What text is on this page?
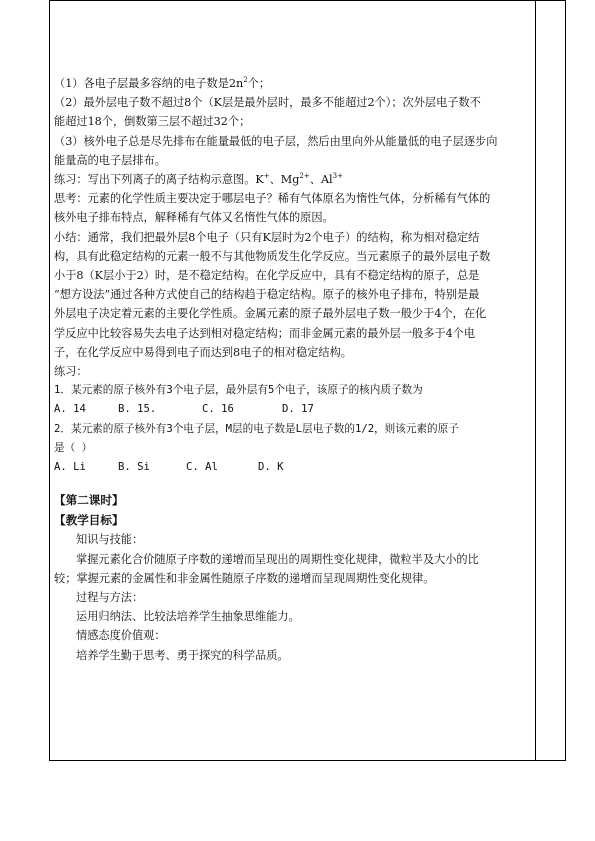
（1）各电子层最多容纳的电子数是$2n^2$个；
（2）最外层电子数不超过8个（K层是最外层时，最多不能超过2个）；次外层电子数不
能超过18个，倒数第三层不超过32个；
（3）核外电子总是尽先排布在能量最低的电子层，然后由里向外从能量低的电子层逐步向
能量高的电子层排布。
练习：写出下列离子的离子结构示意图。K+、$Mg^{2+}$、$Al^{3+}$
思考：元素的化学性质主要决定于哪层电子？稀有气体原名为惰性气体，分析稀有气体的
核外电子排布特点，解释稀有气体又名惰性气体的原因。
小结：通常，我们把最外层8个电子（只有K层时为2个电子）的结构，称为相对稳定结
构，具有此稳定结构的元素一般不与其他物质发生化学反应。当元素原子的最外层电子数
小于8（K层小于2）时，是不稳定结构。在化学反应中，具有不稳定结构的原子，总是
“想方设法”通过各种方式使自己的结构趋于稳定结构。原子的核外电子排布，特别是最
外层电子决定着元素的主要化学性质。金属元素的原子最外层电子数一般少于4个，在化
学反应中比较容易失去电子达到相对稳定结构；而非金属元素的最外层一般多于4个电
子，在化学反应中易得到电子而达到8电子的相对稳定结构。
练习：
1．某元素的原子核外有3个电子层，最外层有5个电子，该原子的核内质子数为
A. 14	B. 15.	C. 16	D. 17
2．某元素的原子核外有3个电子层，M层的电子数是L层电子数的1/2，则该元素的原子
是（ ）
A. Li	B. Si	C. Al	D. K
【第二课时】
【教学目标】
知识与技能：
掌握元素化合价随原子序数的递增而呈现出的周期性变化规律，微粒半及大小的比
较；掌握元素的金属性和非金属性随原子序数的递增而呈现周期性变化规律。
过程与方法：
运用归纳法、比较法培养学生抽象思维能力。
情感态度价值观：
培养学生勤于思考、勇于探究的科学品质。
